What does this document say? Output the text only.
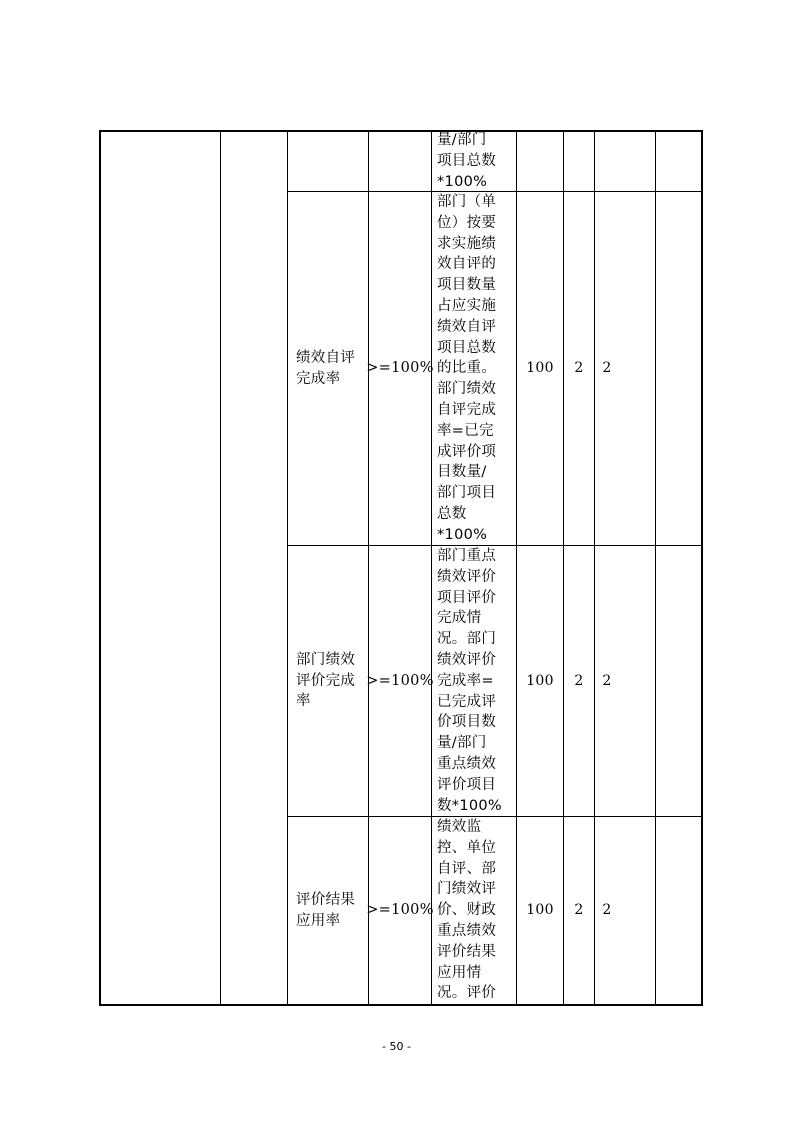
量/部门
项目总数
*100%
绩效自评
完成率
>=100%
部门（单
位）按要
求实施绩
效自评的
项目数量
占应实施
绩效自评
项目总数
的比重。
部门绩效
自评完成
率=已完
成评价项
目数量/
部门项目
总数
*100%
100 2 2
部门绩效
评价完成
率
>=100%
部门重点
绩效评价
项目评价
完成情
况。部门
绩效评价
完成率=
已完成评
价项目数
量/部门
重点绩效
评价项目
数*100%
100 2 2
评价结果
应用率
>=100%
绩效监
控、单位
自评、部
门绩效评
价、财政
重点绩效
评价结果
应用情
况。评价
100 2 2
- 50 -
